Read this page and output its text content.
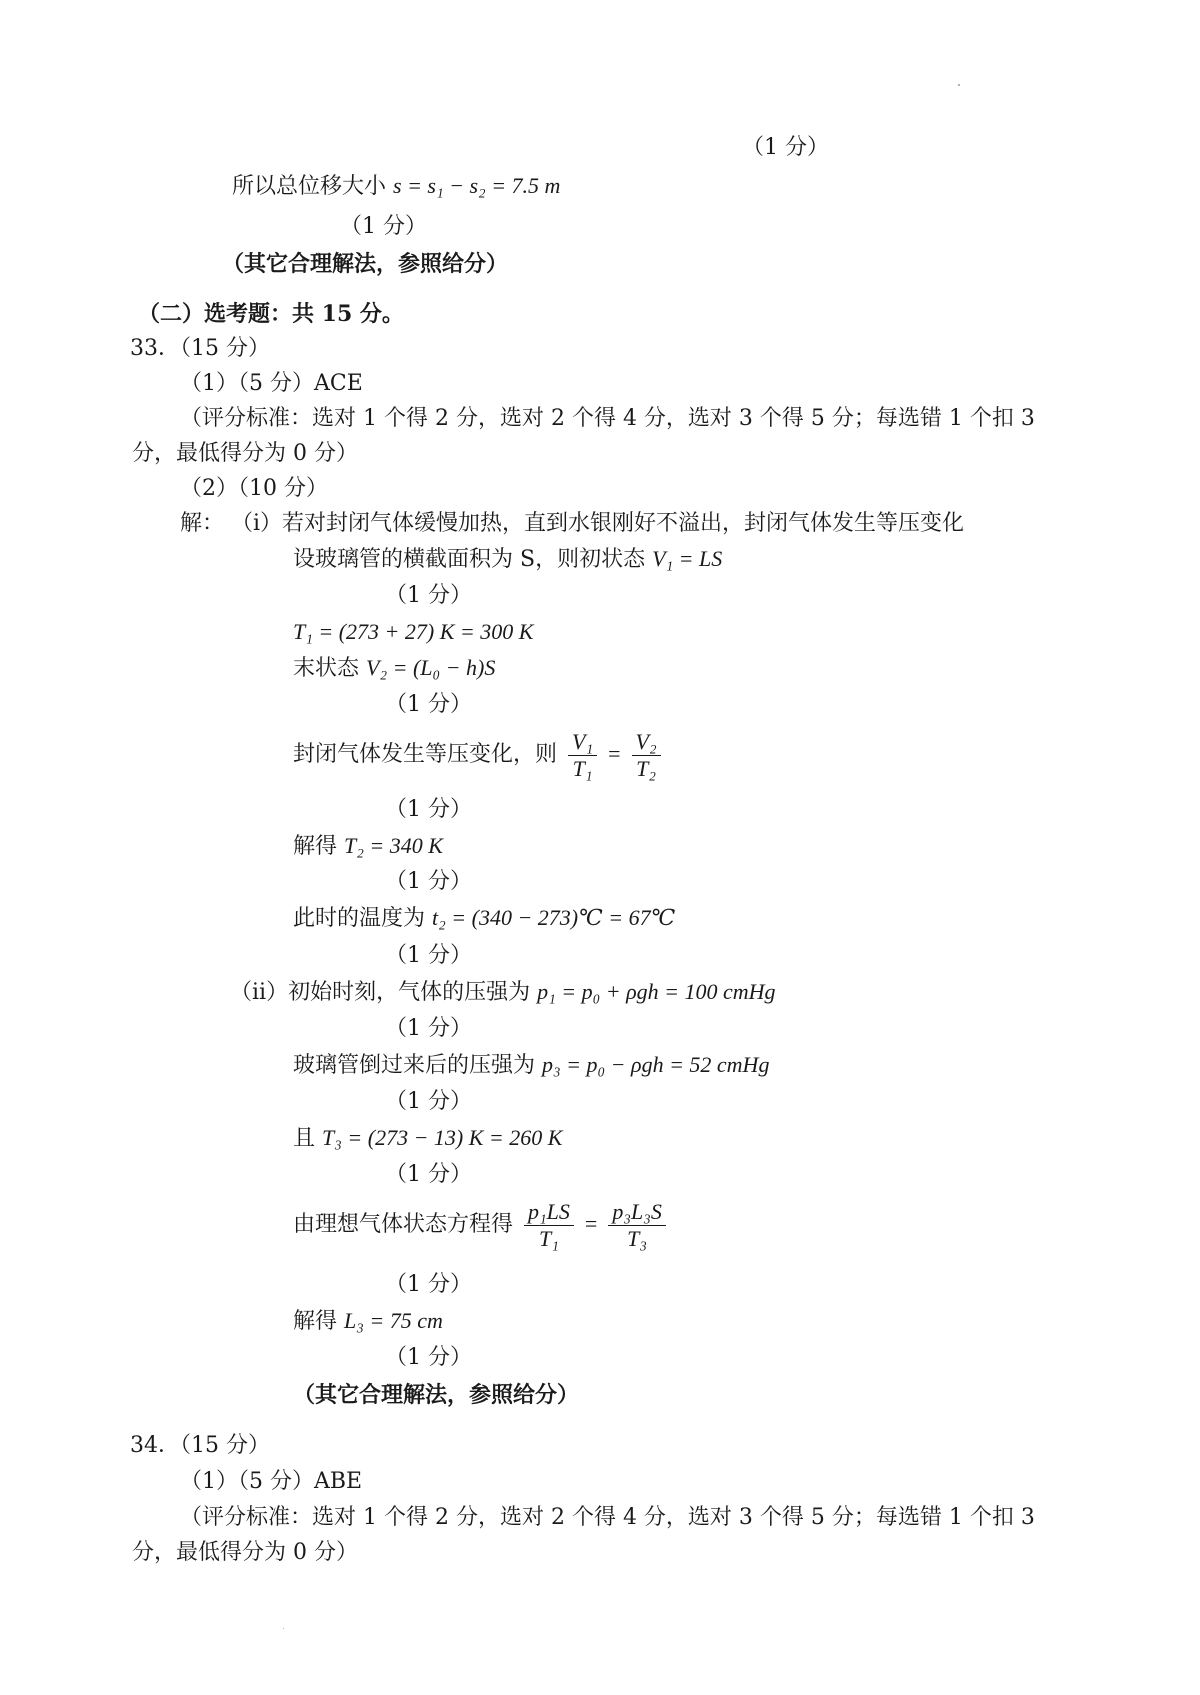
（1 分）
所以总位移大小 s = s₁ − s₂ = 7.5 m
（1 分）
（其它合理解法，参照给分）
（二）选考题：共 15 分。
33．（15 分）
（1）（5 分）ACE
（评分标准：选对 1 个得 2 分，选对 2 个得 4 分，选对 3 个得 5 分；每选错 1 个扣 3
分，最低得分为 0 分）
（2）（10 分）
解： （ⅰ）若对封闭气体缓慢加热，直到水银刚好不溢出，封闭气体发生等压变化
设玻璃管的横截面积为 S，则初状态 V₁ = LS
（1 分）
T₁ = (273 + 27) K = 300 K
末状态 V₂ = (L₀ − h)S
（1 分）
封闭气体发生等压变化，则 $\frac{\text{V₁}}{\text{T₁}} = \frac{\text{V₂}}{\text{T₂}}$
（1 分）
解得 T₂ = 340 K
（1 分）
此时的温度为 t₂ = (340 − 273)℃ = 67℃
（1 分）
（ⅱ）初始时刻，气体的压强为 p₁ = p₀ + ρgh = 100 cmHg
（1 分）
玻璃管倒过来后的压强为 p₃ = p₀ − ρgh = 52 cmHg
（1 分）
且 T₃ = (273 − 13) K = 260 K
（1 分）
由理想气体状态方程得 $\frac{\text{p₁LS}}{\text{T₁}} = \frac{\text{p₃L₃S}}{\text{T₃}}$
（1 分）
解得 L₃ = 75 cm
（1 分）
（其它合理解法，参照给分）
34．（15 分）
（1）（5 分）ABE
（评分标准：选对 1 个得 2 分，选对 2 个得 4 分，选对 3 个得 5 分；每选错 1 个扣 3
分，最低得分为 0 分）
